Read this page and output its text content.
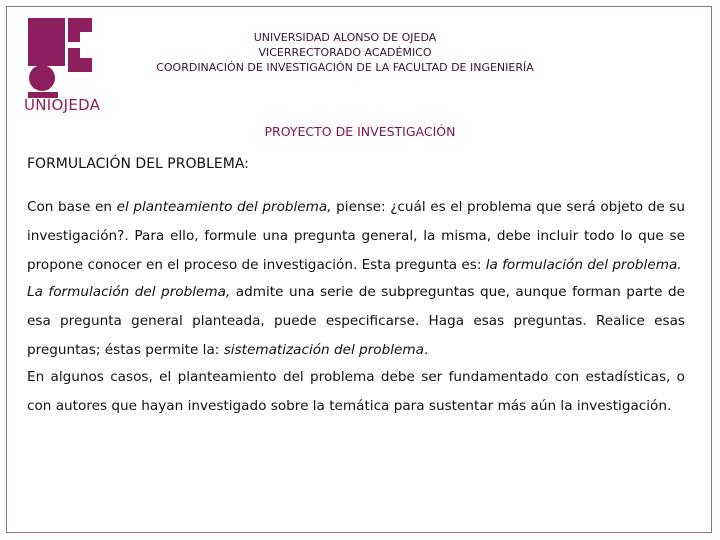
UNIOJEDA
UNIVERSIDAD ALONSO DE OJEDA
VICERRECTORADO ACADÉMICO
COORDINACIÓN DE INVESTIGACIÓN DE LA FACULTAD DE INGENIERÍA
PROYECTO DE INVESTIGACIÓN
FORMULACIÓN DEL PROBLEMA:

Con base en el planteamiento del problema, piense: ¿cuál es el problema que será objeto de su investigación?. Para ello, formule una pregunta general, la misma, debe incluir todo lo que se propone conocer en el proceso de investigación. Esta pregunta es: la formulación del problema.

La formulación del problema, admite una serie de subpreguntas que, aunque forman parte de esa pregunta general planteada, puede especificarse. Haga esas preguntas. Realice esas preguntas; éstas permite la: sistematización del problema.

En algunos casos, el planteamiento del problema debe ser fundamentado con estadísticas, o con autores que hayan investigado sobre la temática para sustentar más aún la investigación.
